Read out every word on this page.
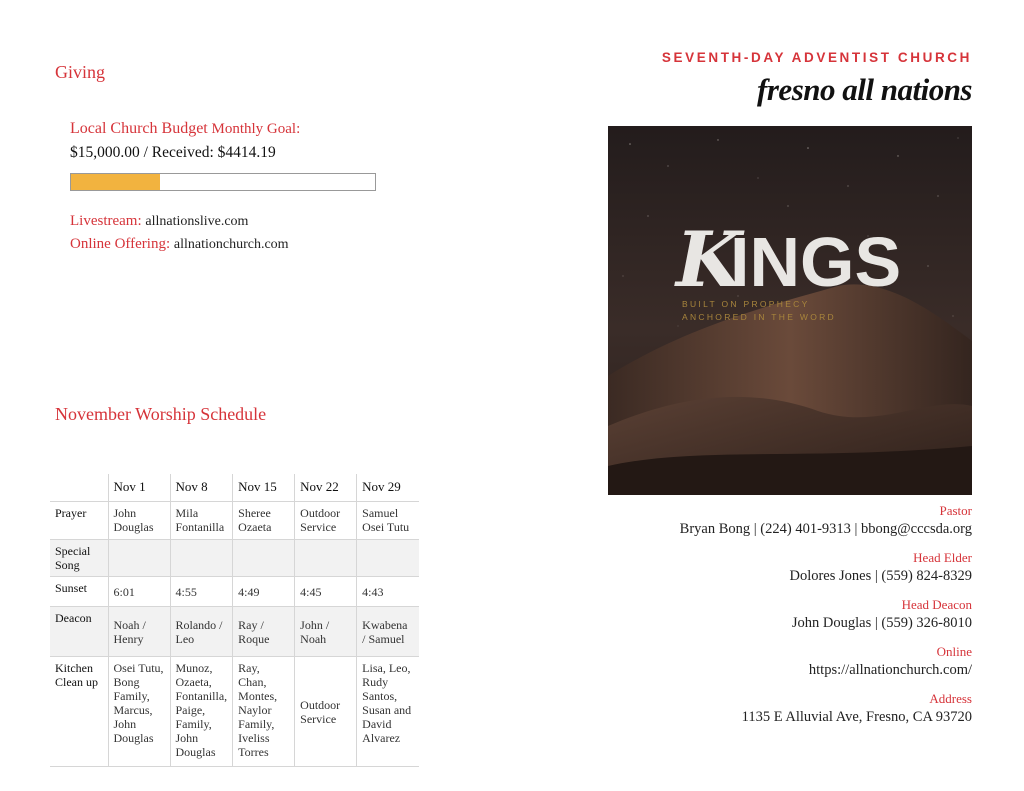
Giving
Local Church Budget Monthly Goal:
$15,000.00 / Received: $4414.19
Livestream: allnationslive.com
Online Offering: allnationchurch.com
November Worship Schedule
	Nov 1	Nov 8	Nov 15	Nov 22	Nov 29
Prayer	John Douglas	Mila Fontanilla	Sheree Ozaeta	Outdoor Service	Samuel Osei Tutu
Special Song					
Sunset	6:01	4:55	4:49	4:45	4:43
Deacon	Noah / Henry	Rolando / Leo	Ray / Roque	John / Noah	Kwabena / Samuel
Kitchen Clean up	Osei Tutu, Bong Family, Marcus, John Douglas	Munoz, Ozaeta, Fontanilla, Paige, Family, John Douglas	Ray, Chan, Montes, Naylor Family, Iveliss Torres	Outdoor Service	Lisa, Leo, Rudy Santos, Susan and David Alvarez
SEVENTH-DAY ADVENTIST CHURCH
fresno all nations
K
INGS
BUILT ON PROPHECY
ANCHORED IN THE WORD
Pastor
Bryan Bong | (224) 401-9313 | bbong@cccsda.org
Head Elder
Dolores Jones | (559) 824-8329
Head Deacon
John Douglas | (559) 326-8010
Online
https://allnationchurch.com/
Address
1135 E Alluvial Ave, Fresno, CA 93720
